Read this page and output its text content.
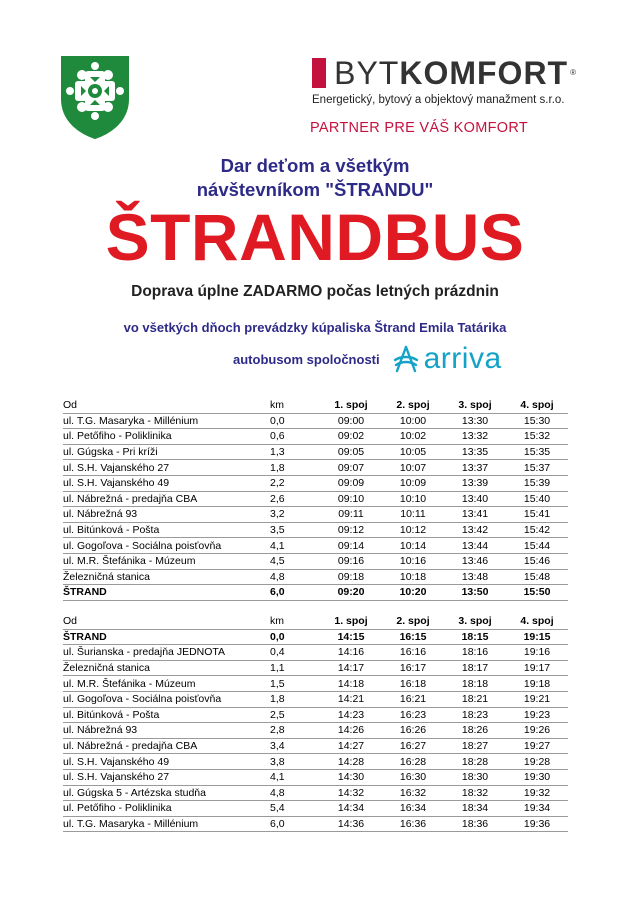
BYTKOMFORT ®
Energetický, bytový a objektový manažment s.r.o.
PARTNER PRE VÁŠ KOMFORT
Dar deťom a všetkým
návštevníkom "ŠTRANDU"
ŠTRANDBUS
Doprava úplne ZADARMO počas letných prázdnin
vo všetkých dňoch prevádzky kúpaliska Štrand Emila Tatárika
autobusom spoločnosti arriva
Od	km	1. spoj	2. spoj	3. spoj	4. spoj
ul. T.G. Masaryka - Millénium	0,0	09:00	10:00	13:30	15:30
ul. Petőfiho - Poliklinika	0,6	09:02	10:02	13:32	15:32
ul. Gúgska - Pri kríži	1,3	09:05	10:05	13:35	15:35
ul. S.H. Vajanského 27	1,8	09:07	10:07	13:37	15:37
ul. S.H. Vajanského 49	2,2	09:09	10:09	13:39	15:39
ul. Nábrežná - predajňa CBA	2,6	09:10	10:10	13:40	15:40
ul. Nábrežná 93	3,2	09:11	10:11	13:41	15:41
ul. Bitúnková - Pošta	3,5	09:12	10:12	13:42	15:42
ul. Gogoľova - Sociálna poisťovňa	4,1	09:14	10:14	13:44	15:44
ul. M.R. Štefánika - Múzeum	4,5	09:16	10:16	13:46	15:46
Železničná stanica	4,8	09:18	10:18	13:48	15:48
ŠTRAND	6,0	09:20	10:20	13:50	15:50
Od	km	1. spoj	2. spoj	3. spoj	4. spoj
ŠTRAND	0,0	14:15	16:15	18:15	19:15
ul. Šurianska - predajňa JEDNOTA	0,4	14:16	16:16	18:16	19:16
Železničná stanica	1,1	14:17	16:17	18:17	19:17
ul. M.R. Štefánika - Múzeum	1,5	14:18	16:18	18:18	19:18
ul. Gogoľova - Sociálna poisťovňa	1,8	14:21	16:21	18:21	19:21
ul. Bitúnková - Pošta	2,5	14:23	16:23	18:23	19:23
ul. Nábrežná 93	2,8	14:26	16:26	18:26	19:26
ul. Nábrežná - predajňa CBA	3,4	14:27	16:27	18:27	19:27
ul. S.H. Vajanského 49	3,8	14:28	16:28	18:28	19:28
ul. S.H. Vajanského 27	4,1	14:30	16:30	18:30	19:30
ul. Gúgska 5 - Artézska studňa	4,8	14:32	16:32	18:32	19:32
ul. Petőfiho - Poliklinika	5,4	14:34	16:34	18:34	19:34
ul. T.G. Masaryka - Millénium	6,0	14:36	16:36	18:36	19:36
